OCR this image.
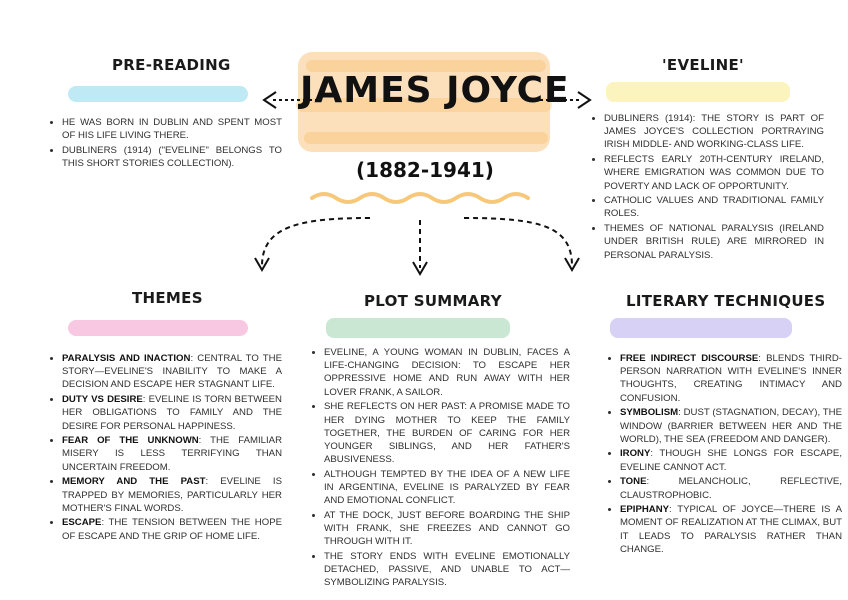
JAMES JOYCE
(1882-1941)
PRE-READING
• HE WAS BORN IN DUBLIN AND SPENT MOST OF HIS LIFE LIVING THERE.
• DUBLINERS (1914) ("EVELINE" BELONGS TO THIS SHORT STORIES COLLECTION).
'EVELINE'
• DUBLINERS (1914): THE STORY IS PART OF JAMES JOYCE'S COLLECTION PORTRAYING IRISH MIDDLE- AND WORKING-CLASS LIFE.
• REFLECTS EARLY 20TH-CENTURY IRELAND, WHERE EMIGRATION WAS COMMON DUE TO POVERTY AND LACK OF OPPORTUNITY.
• CATHOLIC VALUES AND TRADITIONAL FAMILY ROLES.
• THEMES OF NATIONAL PARALYSIS (IRELAND UNDER BRITISH RULE) ARE MIRRORED IN PERSONAL PARALYSIS.
THEMES
• PARALYSIS AND INACTION: CENTRAL TO THE STORY—EVELINE'S INABILITY TO MAKE A DECISION AND ESCAPE HER STAGNANT LIFE.
• DUTY VS DESIRE: EVELINE IS TORN BETWEEN HER OBLIGATIONS TO FAMILY AND THE DESIRE FOR PERSONAL HAPPINESS.
• FEAR OF THE UNKNOWN: THE FAMILIAR MISERY IS LESS TERRIFYING THAN UNCERTAIN FREEDOM.
• MEMORY AND THE PAST: EVELINE IS TRAPPED BY MEMORIES, PARTICULARLY HER MOTHER'S FINAL WORDS.
• ESCAPE: THE TENSION BETWEEN THE HOPE OF ESCAPE AND THE GRIP OF HOME LIFE.
PLOT SUMMARY
• EVELINE, A YOUNG WOMAN IN DUBLIN, FACES A LIFE-CHANGING DECISION: TO ESCAPE HER OPPRESSIVE HOME AND RUN AWAY WITH HER LOVER FRANK, A SAILOR.
• SHE REFLECTS ON HER PAST: A PROMISE MADE TO HER DYING MOTHER TO KEEP THE FAMILY TOGETHER, THE BURDEN OF CARING FOR HER YOUNGER SIBLINGS, AND HER FATHER'S ABUSIVENESS.
• ALTHOUGH TEMPTED BY THE IDEA OF A NEW LIFE IN ARGENTINA, EVELINE IS PARALYZED BY FEAR AND EMOTIONAL CONFLICT.
• AT THE DOCK, JUST BEFORE BOARDING THE SHIP WITH FRANK, SHE FREEZES AND CANNOT GO THROUGH WITH IT.
• THE STORY ENDS WITH EVELINE EMOTIONALLY DETACHED, PASSIVE, AND UNABLE TO ACT—SYMBOLIZING PARALYSIS.
LITERARY TECHNIQUES
• FREE INDIRECT DISCOURSE: BLENDS THIRD-PERSON NARRATION WITH EVELINE'S INNER THOUGHTS, CREATING INTIMACY AND CONFUSION.
• SYMBOLISM: DUST (STAGNATION, DECAY), THE WINDOW (BARRIER BETWEEN HER AND THE WORLD), THE SEA (FREEDOM AND DANGER).
• IRONY: THOUGH SHE LONGS FOR ESCAPE, EVELINE CANNOT ACT.
• TONE: MELANCHOLIC, REFLECTIVE, CLAUSTROPHOBIC.
• EPIPHANY: TYPICAL OF JOYCE—THERE IS A MOMENT OF REALIZATION AT THE CLIMAX, BUT IT LEADS TO PARALYSIS RATHER THAN CHANGE.
